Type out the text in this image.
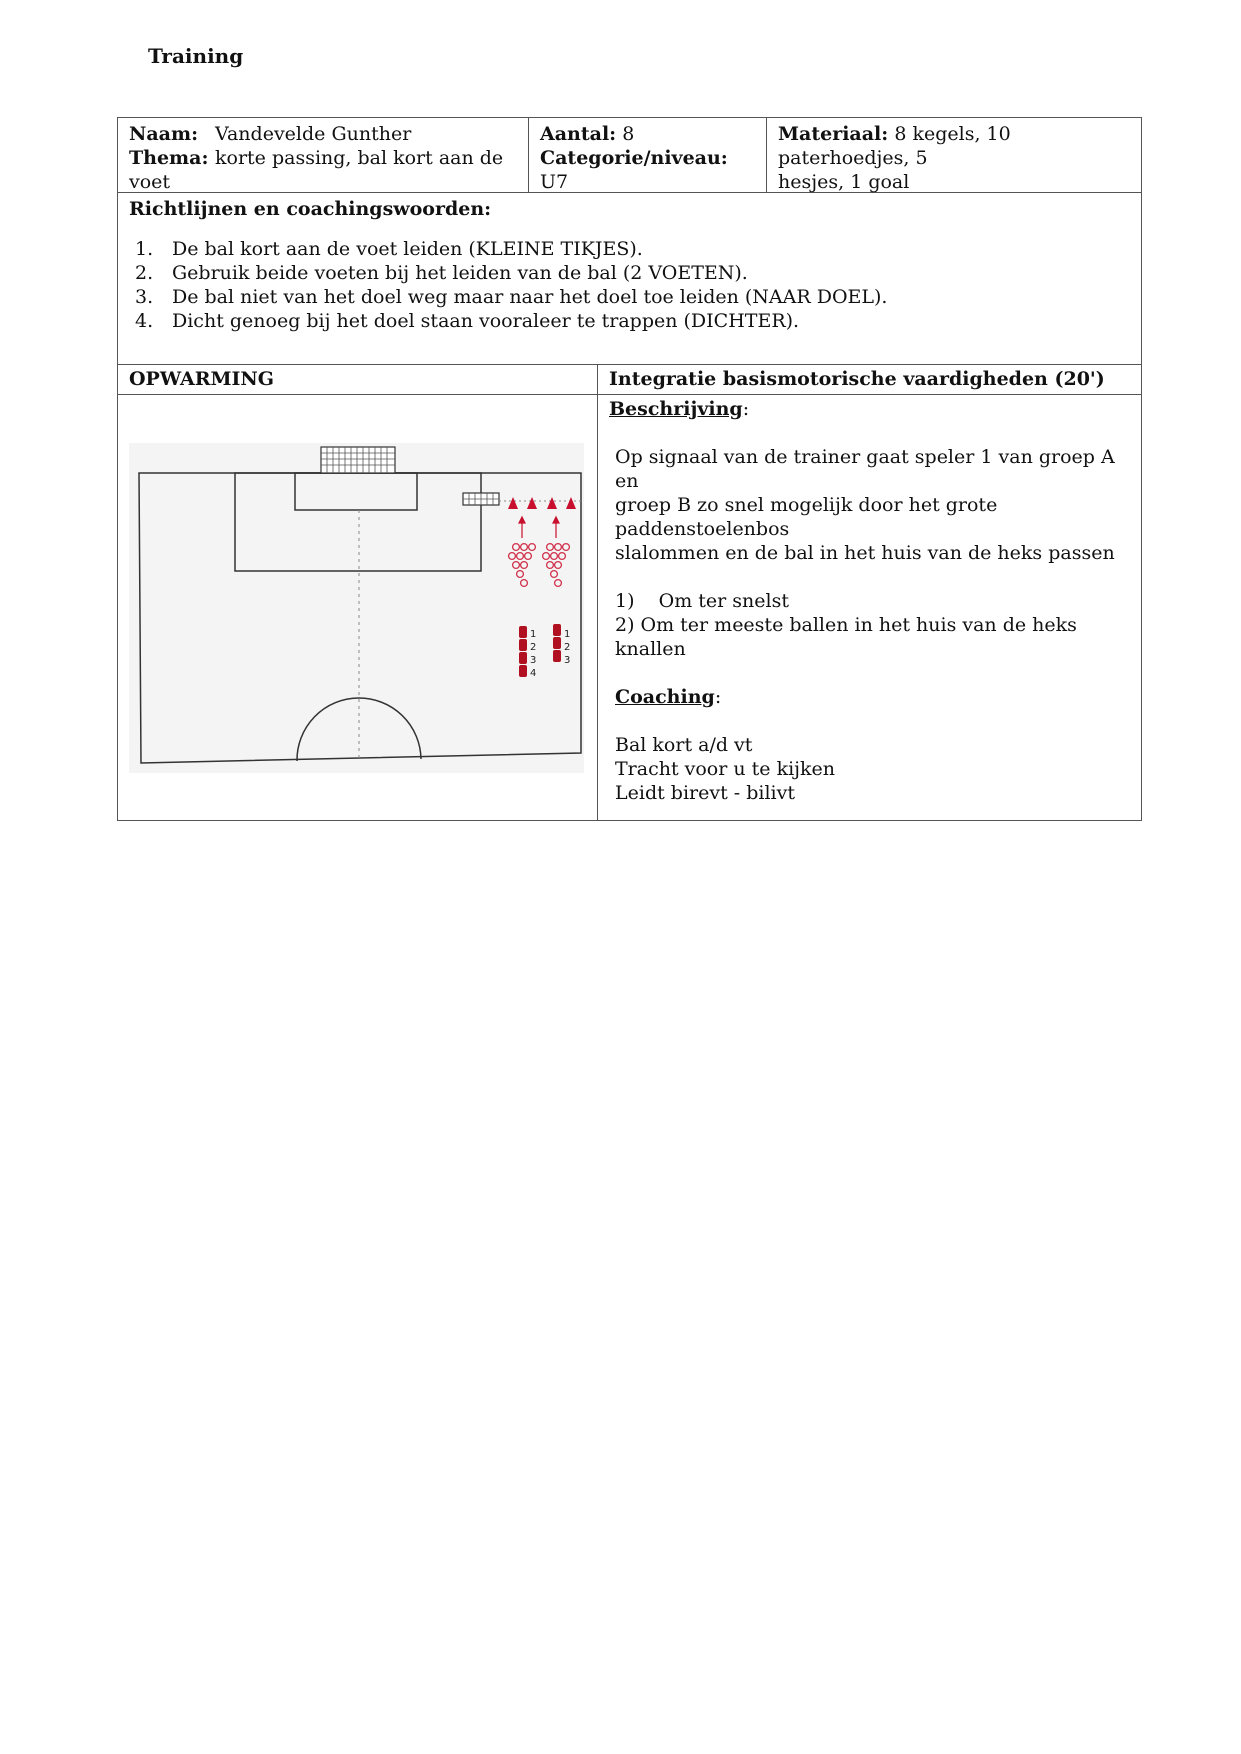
Training
Naam: Vandevelde Gunther
Thema: korte passing, bal kort aan de
voet
Aantal: 8
Categorie/niveau: U7
Materiaal: 8 kegels, 10 paterhoedjes, 5
hesjes, 1 goal
Richtlijnen en coachingswoorden:
1. De bal kort aan de voet leiden (KLEINE TIKJES).
2. Gebruik beide voeten bij het leiden van de bal (2 VOETEN).
3. De bal niet van het doel weg maar naar het doel toe leiden (NAAR DOEL).
4. Dicht genoeg bij het doel staan vooraleer te trappen (DICHTER).
OPWARMING	Integratie basismotorische vaardigheden (20')
1
2
3
4
1
2
3

Beschrijving:

Op signaal van de trainer gaat speler 1 van groep A en

groep B zo snel mogelijk door het grote paddenstoelenbos

slalommen en de bal in het huis van de heks passen

1)    Om ter snelst

2) Om ter meeste ballen in het huis van de heks knallen

Coaching:

Bal kort a/d vt

Tracht voor u te kijken

Leidt birevt - bilivt
